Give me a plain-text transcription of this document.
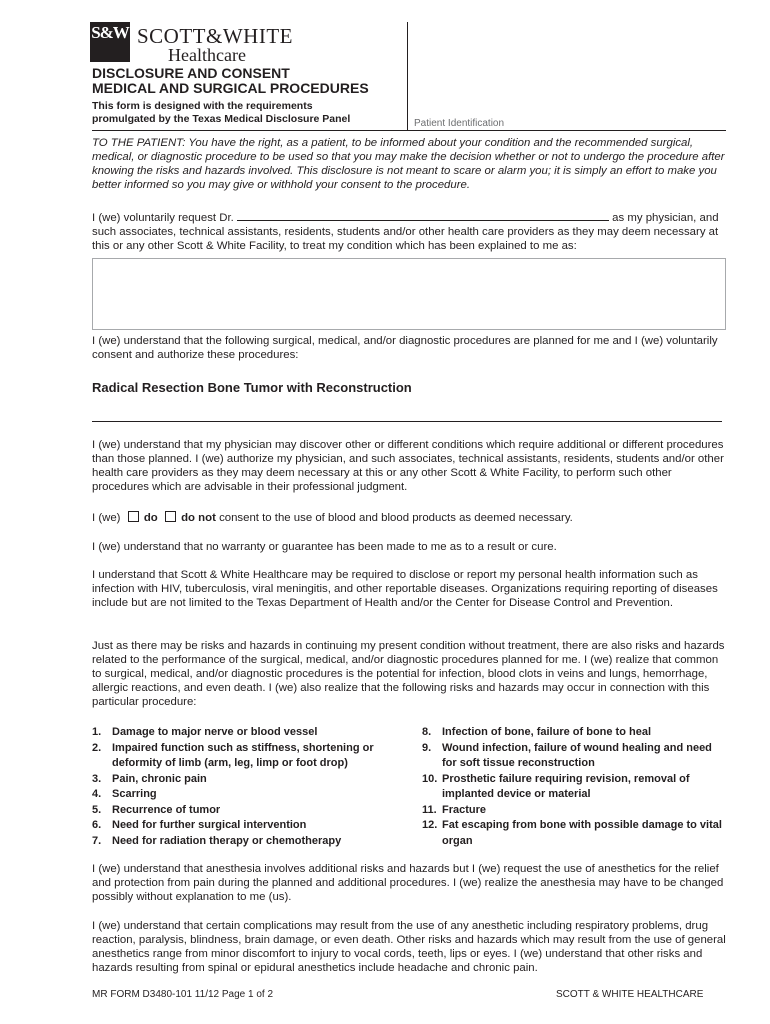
S&W SCOTT&WHITE
Healthcare
DISCLOSURE AND CONSENT
MEDICAL AND SURGICAL PROCEDURES
This form is designed with the requirements
promulgated by the Texas Medical Disclosure Panel	Patient Identification
TO THE PATIENT: You have the right, as a patient, to be informed about your condition and the recommended surgical, medical, or diagnostic procedure to be used so that you may make the decision whether or not to undergo the procedure after knowing the risks and hazards involved. This disclosure is not meant to scare or alarm you; it is simply an effort to make you better informed so you may give or withhold your consent to the procedure.
I (we) voluntarily request Dr.	as my physician, and such associates, technical assistants, residents, students and/or other health care providers as they may deem necessary at this or any other Scott & White Facility, to treat my condition which has been explained to me as:
I (we) understand that the following surgical, medical, and/or diagnostic procedures are planned for me and I (we) voluntarily consent and authorize these procedures:
Radical Resection Bone Tumor with Reconstruction
I (we) understand that my physician may discover other or different conditions which require additional or different procedures than those planned. I (we) authorize my physician, and such associates, technical assistants, residents, students and/or other health care providers as they may deem necessary at this or any other Scott & White Facility, to perform such other procedures which are advisable in their professional judgment.
I (we) do do not consent to the use of blood and blood products as deemed necessary.
I (we) understand that no warranty or guarantee has been made to me as to a result or cure.
I understand that Scott & White Healthcare may be required to disclose or report my personal health information such as infection with HIV, tuberculosis, viral meningitis, and other reportable diseases. Organizations requiring reporting of diseases include but are not limited to the Texas Department of Health and/or the Center for Disease Control and Prevention.
Just as there may be risks and hazards in continuing my present condition without treatment, there are also risks and hazards related to the performance of the surgical, medical, and/or diagnostic procedures planned for me. I (we) realize that common to surgical, medical, and/or diagnostic procedures is the potential for infection, blood clots in veins and lungs, hemorrhage, allergic reactions, and even death. I (we) also realize that the following risks and hazards may occur in connection with this particular procedure:
1. Damage to major nerve or blood vessel
2. Impaired function such as stiffness, shortening or deformity of limb (arm, leg, limp or foot drop)
3. Pain, chronic pain
4. Scarring
5. Recurrence of tumor
6. Need for further surgical intervention
7. Need for radiation therapy or chemotherapy
8. Infection of bone, failure of bone to heal
9. Wound infection, failure of wound healing and need for soft tissue reconstruction
10. Prosthetic failure requiring revision, removal of implanted device or material
11. Fracture
12. Fat escaping from bone with possible damage to vital organ
I (we) understand that anesthesia involves additional risks and hazards but I (we) request the use of anesthetics for the relief and protection from pain during the planned and additional procedures. I (we) realize the anesthesia may have to be changed possibly without explanation to me (us).
I (we) understand that certain complications may result from the use of any anesthetic including respiratory problems, drug reaction, paralysis, blindness, brain damage, or even death. Other risks and hazards which may result from the use of general anesthetics range from minor discomfort to injury to vocal cords, teeth, lips or eyes. I (we) understand that other risks and hazards resulting from spinal or epidural anesthetics include headache and chronic pain.
MR FORM D3480-101 11/12 Page 1 of 2	SCOTT & WHITE HEALTHCARE
